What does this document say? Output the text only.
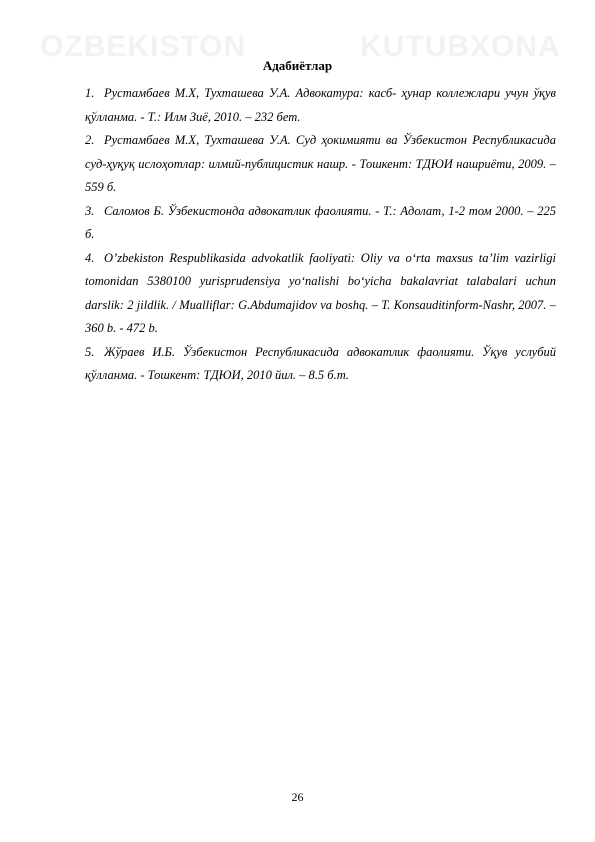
OZBEKISTON	KUTUBXONA
Адабиётлар
1. Рустамбаев М.Х, Тухташева У.А. Адвокатура: касб- ҳунар коллежлари учун ўқув қўлланма. - Т.: Илм Зиё, 2010. – 232 бет.
2. Рустамбаев М.Х, Тухташева У.А. Суд ҳокимияти ва Ўзбекистон Республикасида суд-ҳуқуқ ислоҳотлар: илмий-публицистик нашр. - Тошкент: ТДЮИ нашриёти, 2009. – 559 б.
3. Саломов Б. Ўзбекистонда адвокатлик фаолияти. - Т.: Адолат, 1-2 том 2000. – 225 б.
4. O’zbekiston Respublikasida advokatlik faoliyati: Oliy va o‘rta maxsus ta’lim vazirligi tomonidan 5380100 yurisprudensiya yo‘nalishi bo‘yicha bakalavriat talabalari uchun darslik: 2 jildlik. / Mualliflar: G.Abdumajidov va boshq. – T. Konsauditinform-Nashr, 2007. – 360 b. - 472 b.
5. Жўраев И.Б. Ўзбекистон Республикасида адвокатлик фаолияти. Ўқув услубий қўлланма. - Тошкент: ТДЮИ, 2010 йил. – 8.5 б.т.
26
